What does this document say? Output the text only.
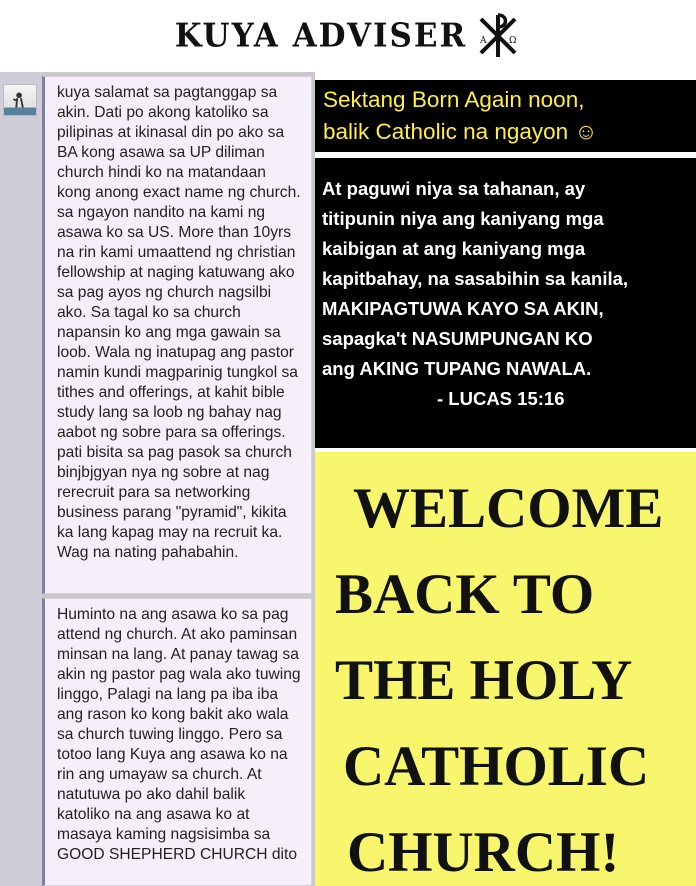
KUYA ADVISER A	Ω
kuya salamat sa pagtanggap sa akin. Dati po akong katoliko sa pilipinas at ikinasal din po ako sa BA kong asawa sa UP diliman church hindi ko na matandaan kong anong exact name ng church. sa ngayon nandito na kami ng asawa ko sa US. More than 10yrs na rin kami umaattend ng christian fellowship at naging katuwang ako sa pag ayos ng church nagsilbi ako. Sa tagal ko sa church napansin ko ang mga gawain sa loob. Wala ng inatupag ang pastor namin kundi magparinig tungkol sa tithes and offerings, at kahit bible study lang sa loob ng bahay nag aabot ng sobre para sa offerings. pati bisita sa pag pasok sa church binjbjgyan nya ng sobre at nag rerecruit para sa networking business parang "pyramid", kikita ka lang kapag may na recruit ka. Wag na nating pahabahin.
Huminto na ang asawa ko sa pag attend ng church. At ako paminsan minsan na lang. At panay tawag sa akin ng pastor pag wala ako tuwing linggo, Palagi na lang pa iba iba ang rason ko kong bakit ako wala sa church tuwing linggo. Pero sa totoo lang Kuya ang asawa ko na rin ang umayaw sa church. At natutuwa po ako dahil balik katoliko na ang asawa ko at masaya kaming nagsisimba sa GOOD SHEPHERD CHURCH dito
Sektang Born Again noon,
balik Catholic na ngayon ☺
At paguwi niya sa tahanan, ay
titipunin niya ang kaniyang mga
kaibigan at ang kaniyang mga
kapitbahay, na sasabihin sa kanila,
MAKIPAGTUWA KAYO SA AKIN,
sapagka't NASUMPUNGAN KO
ang AKING TUPANG NAWALA.
- LUCAS 15:16
WELCOME
BACK TO
THE HOLY
CATHOLIC
CHURCH!
